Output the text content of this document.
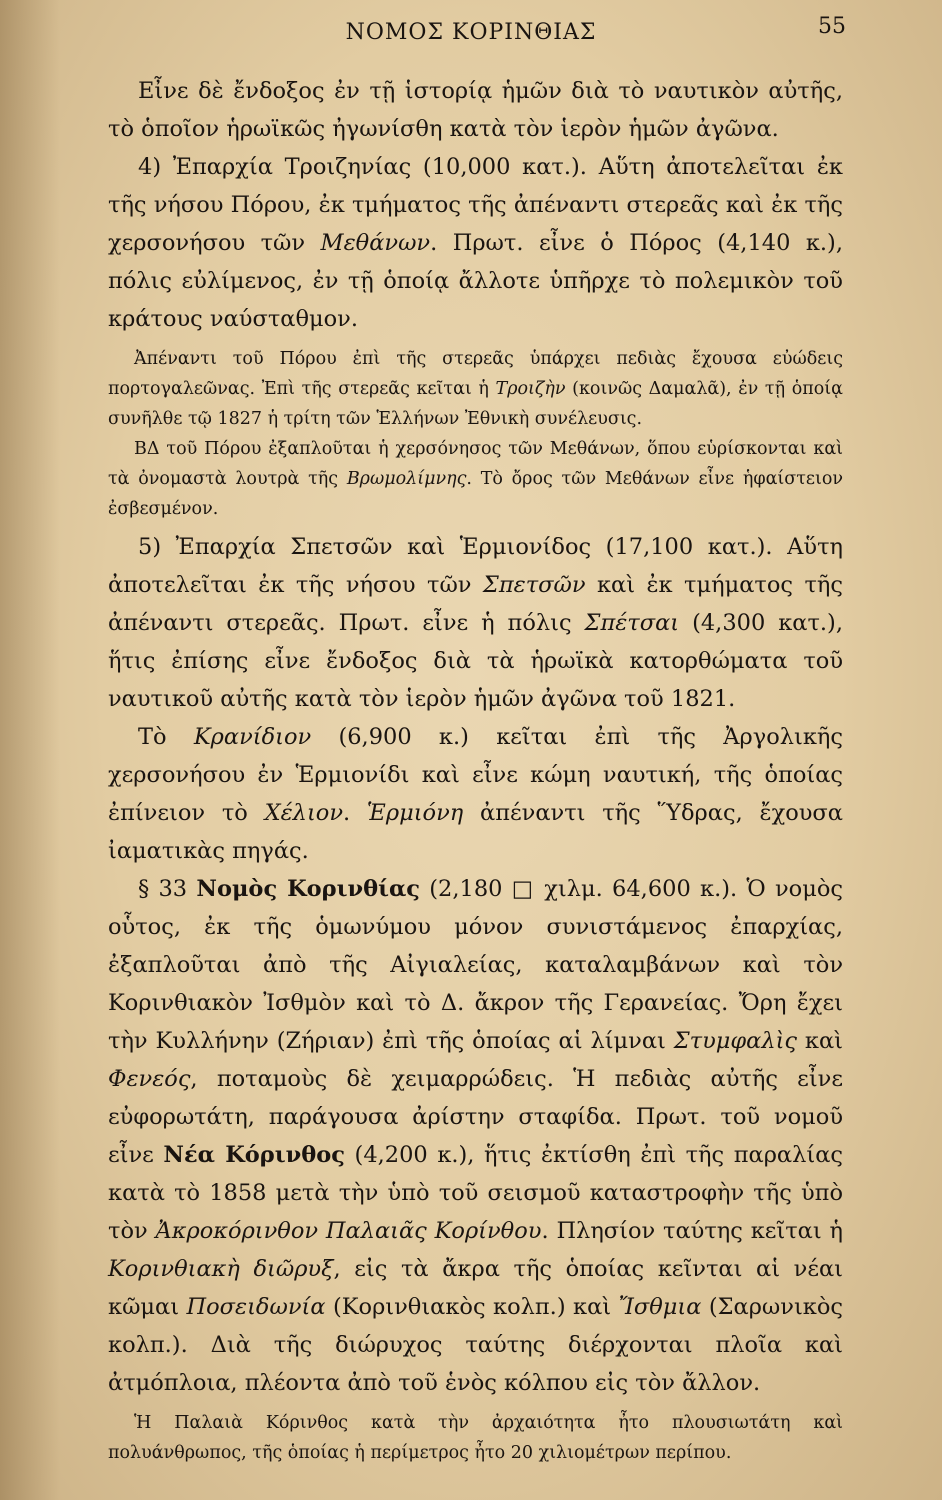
ΝΟΜΟΣ ΚΟΡΙΝΘΙΑΣ	55

Εἶνε δὲ ἔνδοξος ἐν τῇ ἱστορίᾳ ἡμῶν διὰ τὸ ναυτικὸν αὐτῆς, τὸ ὁποῖον ἡρωϊκῶς ἠγωνίσθη κατὰ τὸν ἱερὸν ἡμῶν ἀγῶνα.

4) Ἐπαρχία Τροιζηνίας (10,000 κατ.). Αὕτη ἀποτελεῖται ἐκ τῆς νήσου Πόρου, ἐκ τμήματος τῆς ἀπέναντι στερεᾶς καὶ ἐκ τῆς χερσονήσου τῶν Μεθάνων. Πρωτ. εἶνε ὁ Πόρος (4,140 κ.), πόλις εὐλίμενος, ἐν τῇ ὁποίᾳ ἄλλοτε ὑπῆρχε τὸ πολεμικὸν τοῦ κράτους ναύσταθμον.

Ἀπέναντι τοῦ Πόρου ἐπὶ τῆς στερεᾶς ὑπάρχει πεδιὰς ἔχουσα εὐώδεις πορτογαλεῶνας. Ἐπὶ τῆς στερεᾶς κεῖται ἡ Τροιζὴν (κοινῶς Δαμαλᾶ), ἐν τῇ ὁποίᾳ συνῆλθε τῷ 1827 ἡ τρίτη τῶν Ἑλλήνων Ἐθνικὴ συνέλευσις.

ΒΔ τοῦ Πόρου ἐξαπλοῦται ἡ χερσόνησος τῶν Μεθάνων, ὅπου εὑρίσκονται καὶ τὰ ὀνομαστὰ λουτρὰ τῆς Βρωμολίμνης. Τὸ ὄρος τῶν Μεθάνων εἶνε ἡφαίστειον ἐσβεσμένον.

5) Ἐπαρχία Σπετσῶν καὶ Ἑρμιονίδος (17,100 κατ.). Αὕτη ἀποτελεῖται ἐκ τῆς νήσου τῶν Σπετσῶν καὶ ἐκ τμήματος τῆς ἀπέναντι στερεᾶς. Πρωτ. εἶνε ἡ πόλις Σπέτσαι (4,300 κατ.), ἥτις ἐπίσης εἶνε ἔνδοξος διὰ τὰ ἡρωϊκὰ κατορθώματα τοῦ ναυτικοῦ αὐτῆς κατὰ τὸν ἱερὸν ἡμῶν ἀγῶνα τοῦ 1821.

Τὸ Κρανίδιον (6,900 κ.) κεῖται ἐπὶ τῆς Ἀργολικῆς χερσονήσου ἐν Ἑρμιονίδι καὶ εἶνε κώμη ναυτική, τῆς ὁποίας ἐπίνειον τὸ Χέλιον. Ἑρμιόνη ἀπέναντι τῆς Ὕδρας, ἔχουσα ἰαματικὰς πηγάς.

§ 33 Νομὸς Κορινθίας (2,180 □ χιλμ. 64,600 κ.). Ὁ νομὸς οὗτος, ἐκ τῆς ὁμωνύμου μόνον συνιστάμενος ἐπαρχίας, ἐξαπλοῦται ἀπὸ τῆς Αἰγιαλείας, καταλαμβάνων καὶ τὸν Κορινθιακὸν Ἰσθμὸν καὶ τὸ Δ. ἄκρον τῆς Γερανείας. Ὄρη ἔχει τὴν Κυλλήνην (Ζήριαν) ἐπὶ τῆς ὁποίας αἱ λίμναι Στυμφαλὶς καὶ Φενεός, ποταμοὺς δὲ χειμαρρώδεις. Ἡ πεδιὰς αὐτῆς εἶνε εὐφορωτάτη, παράγουσα ἀρίστην σταφίδα. Πρωτ. τοῦ νομοῦ εἶνε Νέα Κόρινθος (4,200 κ.), ἥτις ἐκτίσθη ἐπὶ τῆς παραλίας κατὰ τὸ 1858 μετὰ τὴν ὑπὸ τοῦ σεισμοῦ καταστροφὴν τῆς ὑπὸ τὸν Ἀκροκόρινθον Παλαιᾶς Κορίνθου. Πλησίον ταύτης κεῖται ἡ Κορινθιακὴ διῶρυξ, εἰς τὰ ἄκρα τῆς ὁποίας κεῖνται αἱ νέαι κῶμαι Ποσειδωνία (Κορινθιακὸς κολπ.) καὶ Ἴσθμια (Σαρωνικὸς κολπ.). Διὰ τῆς διώρυχος ταύτης διέρχονται πλοῖα καὶ ἀτμόπλοια, πλέοντα ἀπὸ τοῦ ἑνὸς κόλπου εἰς τὸν ἄλλον.

Ἡ Παλαιὰ Κόρινθος κατὰ τὴν ἀρχαιότητα ἦτο πλουσιωτάτη καὶ πολυάνθρωπος, τῆς ὁποίας ἡ περίμετρος ἦτο 20 χιλιομέτρων περίπου.
